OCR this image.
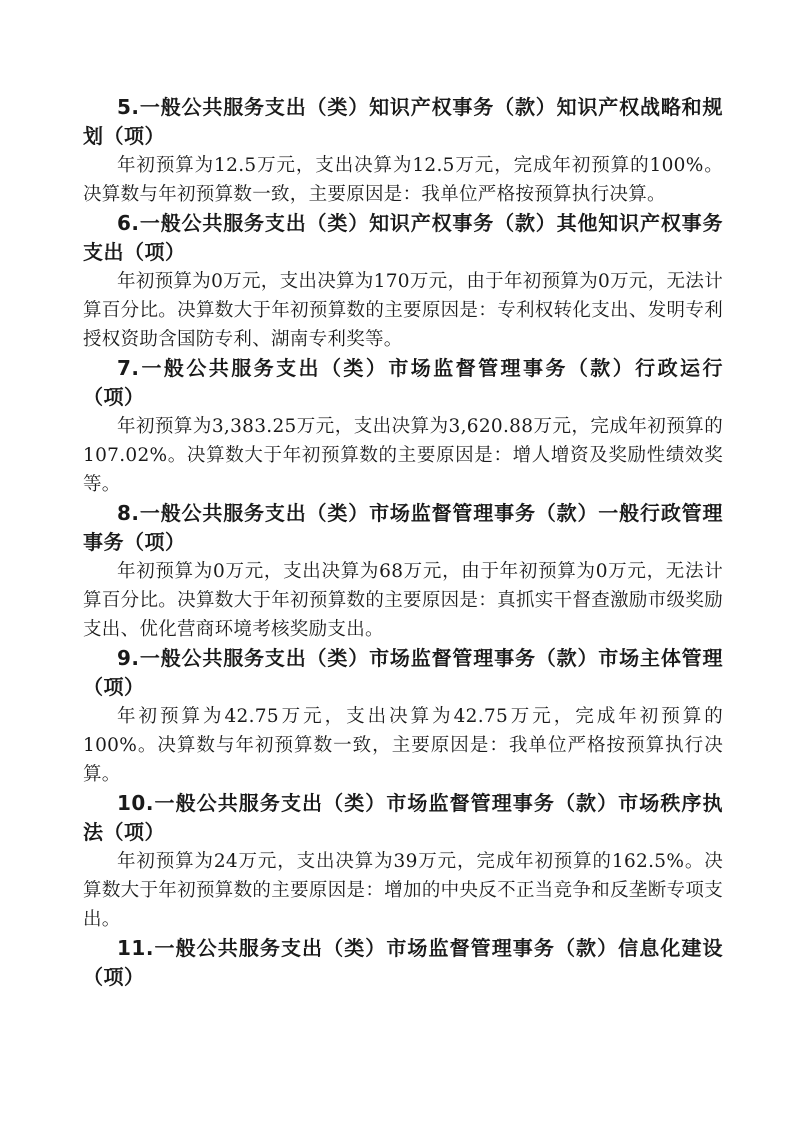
5.一般公共服务支出（类）知识产权事务（款）知识产权战略和规划（项）

年初预算为12.5万元，支出决算为12.5万元，完成年初预算的100%。决算数与年初预算数一致，主要原因是：我单位严格按预算执行决算。

6.一般公共服务支出（类）知识产权事务（款）其他知识产权事务支出（项）

年初预算为0万元，支出决算为170万元，由于年初预算为0万元，无法计算百分比。决算数大于年初预算数的主要原因是：专利权转化支出、发明专利授权资助含国防专利、湖南专利奖等。

7.一般公共服务支出（类）市场监督管理事务（款）行政运行（项）

年初预算为3,383.25万元，支出决算为3,620.88万元，完成年初预算的107.02%。决算数大于年初预算数的主要原因是：增人增资及奖励性绩效奖等。

8.一般公共服务支出（类）市场监督管理事务（款）一般行政管理事务（项）

年初预算为0万元，支出决算为68万元，由于年初预算为0万元，无法计算百分比。决算数大于年初预算数的主要原因是：真抓实干督查激励市级奖励支出、优化营商环境考核奖励支出。

9.一般公共服务支出（类）市场监督管理事务（款）市场主体管理（项）

年初预算为42.75万元，支出决算为42.75万元，完成年初预算的100%。决算数与年初预算数一致，主要原因是：我单位严格按预算执行决算。

10.一般公共服务支出（类）市场监督管理事务（款）市场秩序执法（项）

年初预算为24万元，支出决算为39万元，完成年初预算的162.5%。决算数大于年初预算数的主要原因是：增加的中央反不正当竞争和反垄断专项支出。

11.一般公共服务支出（类）市场监督管理事务（款）信息化建设（项）
